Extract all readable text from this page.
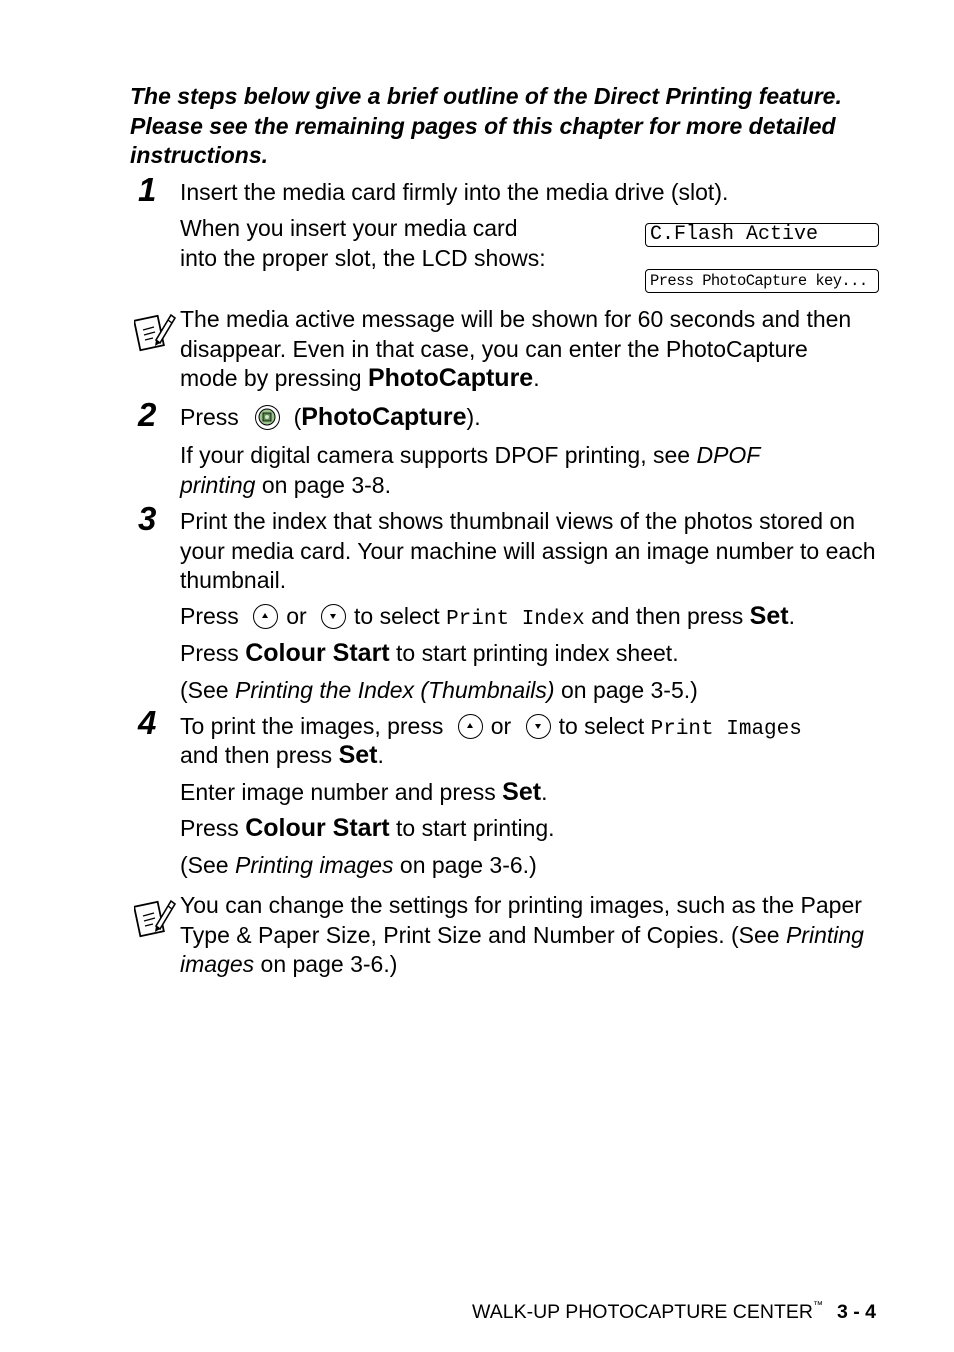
The steps below give a brief outline of the Direct Printing feature. Please see the remaining pages of this chapter for more detailed instructions.
1 Insert the media card firmly into the media drive (slot).
When you insert your media card
into the proper slot, the LCD shows:
C.Flash Active
Press PhotoCapture key...
The media active message will be shown for 60 seconds and then disappear. Even in that case, you can enter the PhotoCapture mode by pressing PhotoCapture.
2 Press (PhotoCapture).
If your digital camera supports DPOF printing, see DPOF printing on page 3-8.
3 Print the index that shows thumbnail views of the photos stored on your media card. Your machine will assign an image number to each thumbnail.
Press or to select Print Index and then press Set.
Press Colour Start to start printing index sheet.
(See Printing the Index (Thumbnails) on page 3-5.)
4 To print the images, press or to select Print Images
and then press Set.
Enter image number and press Set.
Press Colour Start to start printing.
(See Printing images on page 3-6.)
You can change the settings for printing images, such as the Paper Type & Paper Size, Print Size and Number of Copies. (See Printing images on page 3-6.)
WALK-UP PHOTOCAPTURE CENTER™ 3 - 4
